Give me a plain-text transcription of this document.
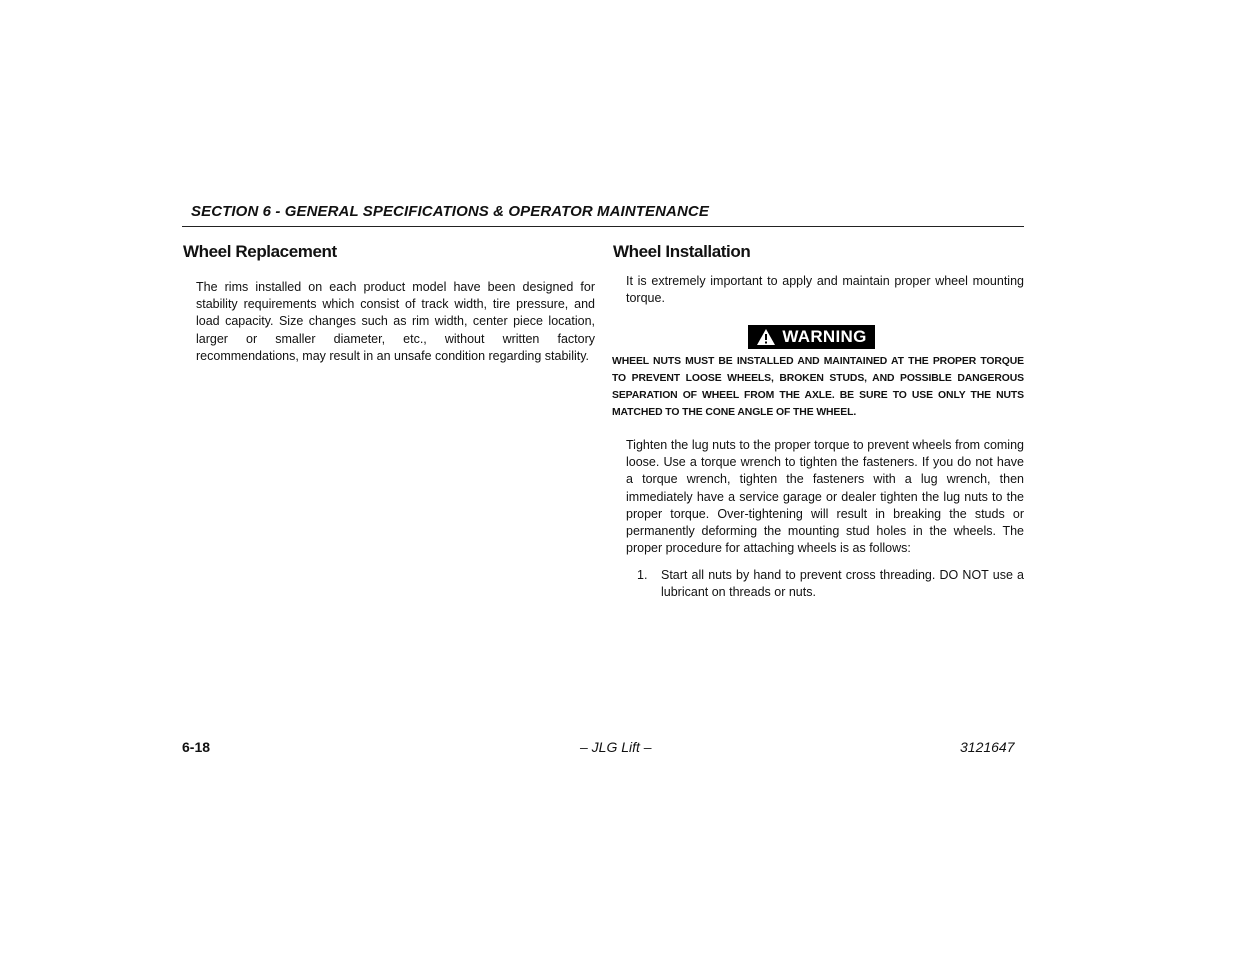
SECTION 6 - GENERAL SPECIFICATIONS & OPERATOR MAINTENANCE
Wheel Replacement

The rims installed on each product model have been designed for stability requirements which consist of track width, tire pressure, and load capacity. Size changes such as rim width, center piece location, larger or smaller diameter, etc., without written factory recommendations, may result in an unsafe condition regarding stability.

Wheel Installation

It is extremely important to apply and maintain proper wheel mounting torque.

WARNING

WHEEL NUTS MUST BE INSTALLED AND MAINTAINED AT THE PROPER TORQUE TO PREVENT LOOSE WHEELS, BROKEN STUDS, AND POSSIBLE DANGEROUS SEPARATION OF WHEEL FROM THE AXLE. BE SURE TO USE ONLY THE NUTS MATCHED TO THE CONE ANGLE OF THE WHEEL.

Tighten the lug nuts to the proper torque to prevent wheels from coming loose. Use a torque wrench to tighten the fasteners. If you do not have a torque wrench, tighten the fasteners with a lug wrench, then immediately have a service garage or dealer tighten the lug nuts to the proper torque. Over-tightening will result in breaking the studs or permanently deforming the mounting stud holes in the wheels. The proper procedure for attaching wheels is as follows:

1. Start all nuts by hand to prevent cross threading. DO NOT use a lubricant on threads or nuts.
6-18	– JLG Lift –	3121647
